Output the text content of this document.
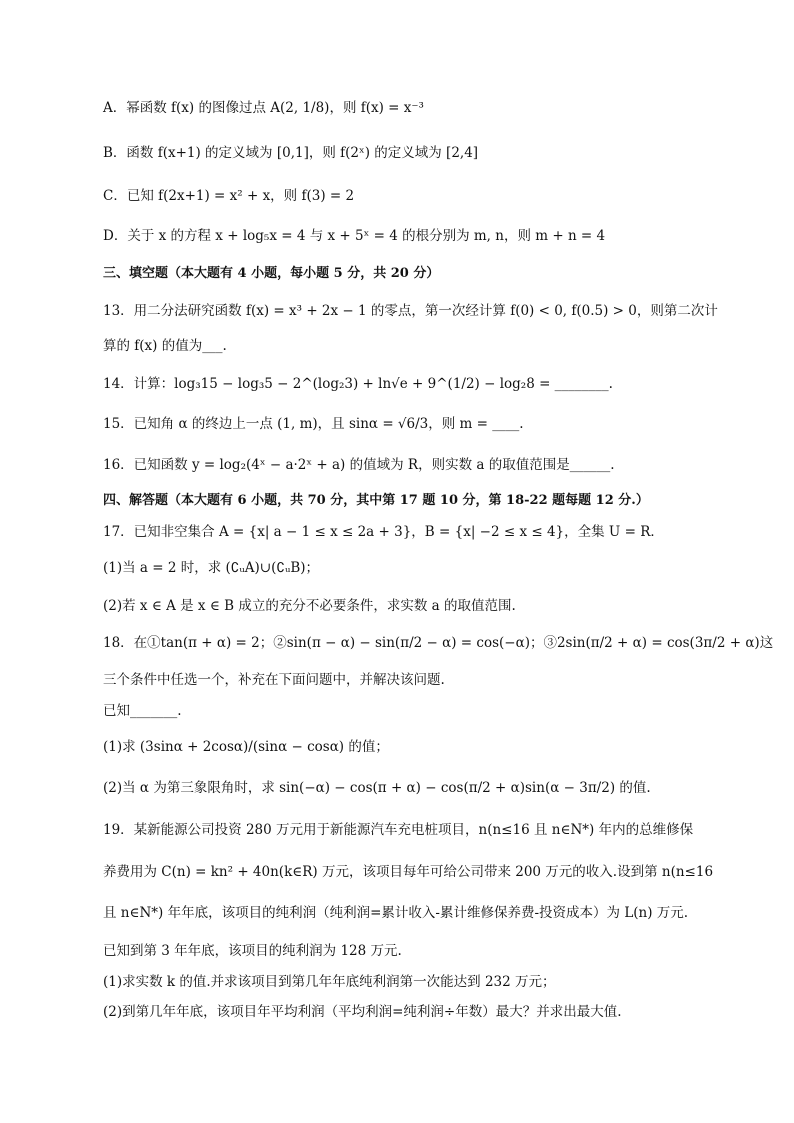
A．幂函数 f(x) 的图像过点 A(2, 1/8)，则 f(x) = x⁻³
B．函数 f(x+1) 的定义域为 [0,1]，则 f(2ˣ) 的定义域为 [2,4]
C．已知 f(2x+1) = x² + x，则 f(3) = 2
D．关于 x 的方程 x + log₅x = 4 与 x + 5ˣ = 4 的根分别为 m, n，则 m + n = 4
三、填空题（本大题有 4 小题，每小题 5 分，共 20 分）
13．用二分法研究函数 f(x) = x³ + 2x − 1 的零点，第一次经计算 f(0) < 0, f(0.5) > 0，则第二次计
算的 f(x) 的值为___.
14．计算：log₃15 − log₃5 − 2^(log₂3) + ln√e + 9^(1/2) − log₂8 = ________.
15．已知角 α 的终边上一点 (1, m)，且 sinα = √6/3，则 m = ____.
16．已知函数 y = log₂(4ˣ − a·2ˣ + a) 的值域为 R，则实数 a 的取值范围是______.
四、解答题（本大题有 6 小题，共 70 分，其中第 17 题 10 分，第 18-22 题每题 12 分.）
17．已知非空集合 A = {x| a − 1 ≤ x ≤ 2a + 3}，B = {x| −2 ≤ x ≤ 4}，全集 U = R．
(1)当 a = 2 时，求 (∁ᵤA)∪(∁ᵤB)；
(2)若 x ∈ A 是 x ∈ B 成立的充分不必要条件，求实数 a 的取值范围.
18．在①tan(π + α) = 2；②sin(π − α) − sin(π/2 − α) = cos(−α)；③2sin(π/2 + α) = cos(3π/2 + α)这
三个条件中任选一个，补充在下面问题中，并解决该问题.
已知_______.
(1)求 (3sinα + 2cosα)/(sinα − cosα) 的值；
(2)当 α 为第三象限角时，求 sin(−α) − cos(π + α) − cos(π/2 + α)sin(α − 3π/2) 的值.
19．某新能源公司投资 280 万元用于新能源汽车充电桩项目，n(n≤16 且 n∈N*) 年内的总维修保
养费用为 C(n) = kn² + 40n(k∈R) 万元，该项目每年可给公司带来 200 万元的收入.设到第 n(n≤16
且 n∈N*) 年年底，该项目的纯利润（纯利润=累计收入-累计维修保养费-投资成本）为 L(n) 万元.
已知到第 3 年年底，该项目的纯利润为 128 万元.
(1)求实数 k 的值.并求该项目到第几年年底纯利润第一次能达到 232 万元；
(2)到第几年年底，该项目年平均利润（平均利润=纯利润÷年数）最大？并求出最大值.
